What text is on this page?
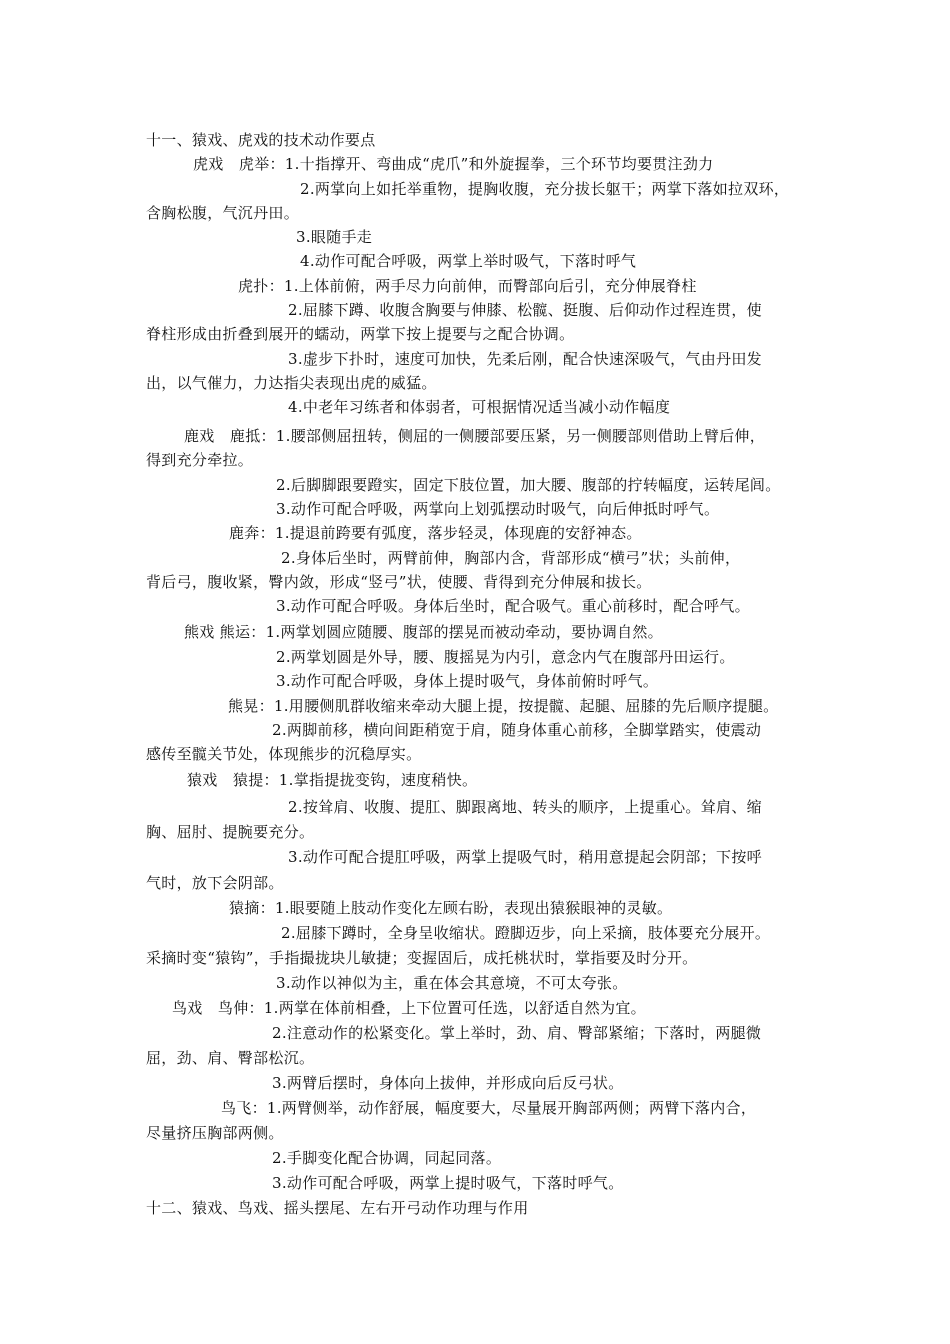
十一、猿戏、虎戏的技术动作要点
虎戏　虎举：1.十指撑开、弯曲成“虎爪”和外旋握拳，三个环节均要贯注劲力
2.两掌向上如托举重物，提胸收腹，充分拔长躯干；两掌下落如拉双环，
含胸松腹，气沉丹田。
3.眼随手走
4.动作可配合呼吸，两掌上举时吸气，下落时呼气
虎扑：1.上体前俯，两手尽力向前伸，而臀部向后引，充分伸展脊柱
2.屈膝下蹲、收腹含胸要与伸膝、松髋、挺腹、后仰动作过程连贯，使
脊柱形成由折叠到展开的蠕动，两掌下按上提要与之配合协调。
3.虚步下扑时，速度可加快，先柔后刚，配合快速深吸气，气由丹田发
出，以气催力，力达指尖表现出虎的威猛。
4.中老年习练者和体弱者，可根据情况适当减小动作幅度
鹿戏　鹿抵：1.腰部侧屈扭转，侧屈的一侧腰部要压紧，另一侧腰部则借助上臂后伸，
得到充分牵拉。
2.后脚脚跟要蹬实，固定下肢位置，加大腰、腹部的拧转幅度，运转尾闾。
3.动作可配合呼吸，两掌向上划弧摆动时吸气，向后伸抵时呼气。
鹿奔：1.提退前跨要有弧度，落步轻灵，体现鹿的安舒神态。
2.身体后坐时，两臂前伸，胸部内含，背部形成“横弓”状；头前伸，
背后弓，腹收紧，臀内敛，形成“竖弓”状，使腰、背得到充分伸展和拔长。
3.动作可配合呼吸。身体后坐时，配合吸气。重心前移时，配合呼气。
熊戏 熊运：1.两掌划圆应随腰、腹部的摆晃而被动牵动，要协调自然。
2.两掌划圆是外导，腰、腹摇晃为内引，意念内气在腹部丹田运行。
3.动作可配合呼吸，身体上提时吸气，身体前俯时呼气。
熊晃：1.用腰侧肌群收缩来牵动大腿上提，按提髋、起腿、屈膝的先后顺序提腿。
2.两脚前移，横向间距稍宽于肩，随身体重心前移，全脚掌踏实，使震动
感传至髋关节处，体现熊步的沉稳厚实。
猿戏　猿提：1.掌指提拢变钩，速度稍快。
2.按耸肩、收腹、提肛、脚跟离地、转头的顺序，上提重心。耸肩、缩
胸、屈肘、提腕要充分。
3.动作可配合提肛呼吸，两掌上提吸气时，稍用意提起会阴部；下按呼
气时，放下会阴部。
猿摘：1.眼要随上肢动作变化左顾右盼，表现出猿猴眼神的灵敏。
2.屈膝下蹲时，全身呈收缩状。蹬脚迈步，向上采摘，肢体要充分展开。
采摘时变“猿钩”，手指撮拢块儿敏捷；变握固后，成托桃状时，掌指要及时分开。
3.动作以神似为主，重在体会其意境，不可太夸张。
鸟戏　鸟伸：1.两掌在体前相叠，上下位置可任选，以舒适自然为宜。
2.注意动作的松紧变化。掌上举时，劲、肩、臀部紧缩；下落时，两腿微
屈，劲、肩、臀部松沉。
3.两臂后摆时，身体向上拔伸，并形成向后反弓状。
鸟飞：1.两臂侧举，动作舒展，幅度要大，尽量展开胸部两侧；两臂下落内合，
尽量挤压胸部两侧。
2.手脚变化配合协调，同起同落。
3.动作可配合呼吸，两掌上提时吸气，下落时呼气。
十二、猿戏、鸟戏、摇头摆尾、左右开弓动作功理与作用
